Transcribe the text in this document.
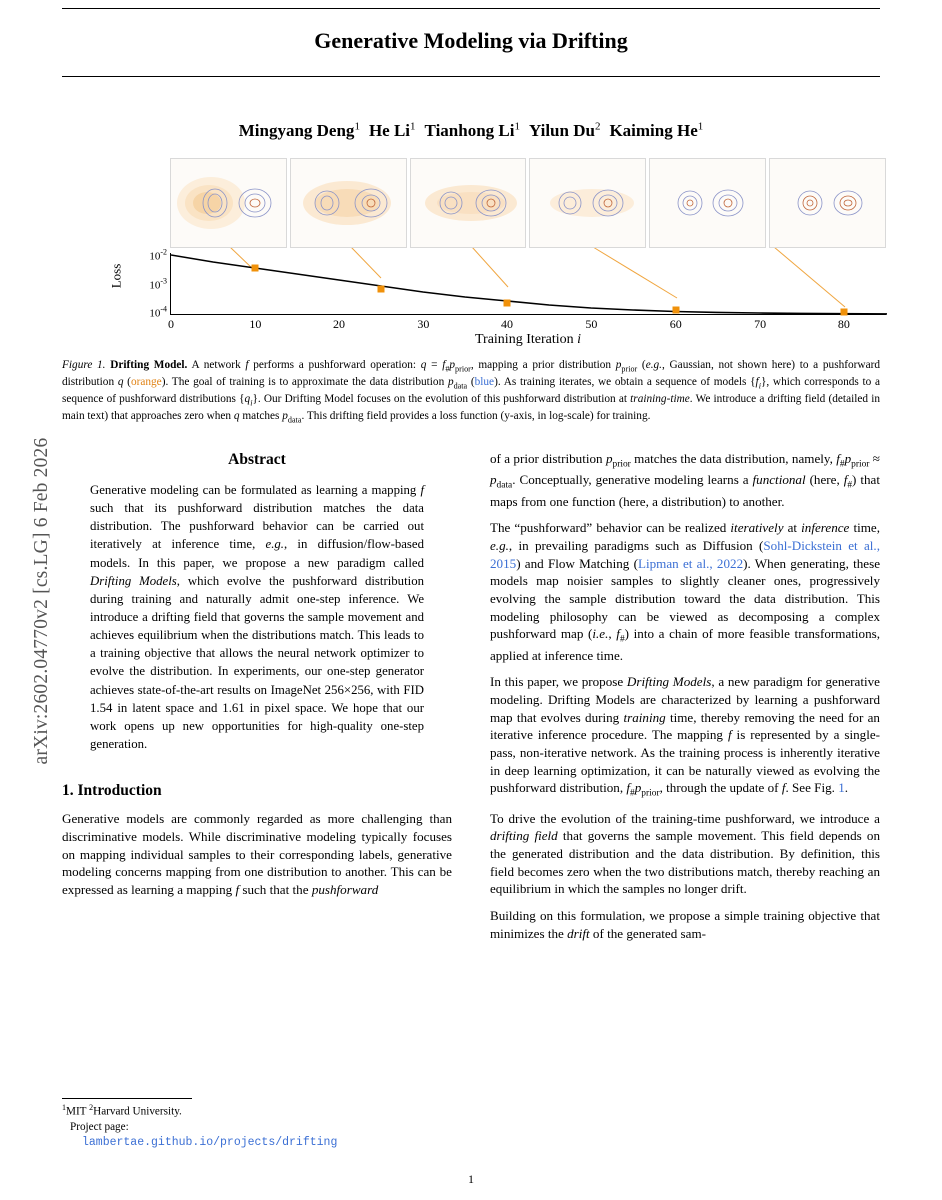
arXiv:2602.04770v2 [cs.LG] 6 Feb 2026
Generative Modeling via Drifting
Mingyang Deng$^1$ He Li$^1$ Tianhong Li$^1$ Yilun Du$^2$ Kaiming He$^1$
Loss
$10^{-2}$
$10^{-3}$
$10^{-4}$
0	10	20	30	40	50	60	70	80
Training Iteration i
Figure 1. Drifting Model. A network f performs a pushforward operation: $q = f_{\#}p_{prior}$, mapping a prior distribution $p_{prior}$ (e.g., Gaussian, not shown here) to a pushforward distribution q (orange). The goal of training is to approximate the data distribution $p_{data}$ (blue). As training iterates, we obtain a sequence of models $\{f_i\}$, which corresponds to a sequence of pushforward distributions $\{q_i\}$. Our Drifting Model focuses on the evolution of this pushforward distribution at training-time. We introduce a drifting field (detailed in main text) that approaches zero when q matches $p_{data}$. This drifting field provides a loss function (y-axis, in log-scale) for training.
Abstract
Generative modeling can be formulated as learning a mapping f such that its pushforward distribution matches the data distribution. The pushforward behavior can be carried out iteratively at inference time, e.g., in diffusion/flow-based models. In this paper, we propose a new paradigm called Drifting Models, which evolve the pushforward distribution during training and naturally admit one-step inference. We introduce a drifting field that governs the sample movement and achieves equilibrium when the distributions match. This leads to a training objective that allows the neural network optimizer to evolve the distribution. In experiments, our one-step generator achieves state-of-the-art results on ImageNet 256×256, with FID 1.54 in latent space and 1.61 in pixel space. We hope that our work opens up new opportunities for high-quality one-step generation.
1. Introduction

Generative models are commonly regarded as more challenging than discriminative models. While discriminative modeling typically focuses on mapping individual samples to their corresponding labels, generative modeling concerns mapping from one distribution to another. This can be expressed as learning a mapping f such that the pushforward

of a prior distribution $p_{prior}$ matches the data distribution, namely, $f_{\#}p_{prior} \approx p_{data}$. Conceptually, generative modeling learns a functional (here, $f_{\#}$) that maps from one function (here, a distribution) to another.

The “pushforward” behavior can be realized iteratively at inference time, e.g., in prevailing paradigms such as Diffusion (Sohl-Dickstein et al., 2015) and Flow Matching (Lipman et al., 2022). When generating, these models map noisier samples to slightly cleaner ones, progressively evolving the sample distribution toward the data distribution. This modeling philosophy can be viewed as decomposing a complex pushforward map (i.e., $f_{\#}$) into a chain of more feasible transformations, applied at inference time.

In this paper, we propose Drifting Models, a new paradigm for generative modeling. Drifting Models are characterized by learning a pushforward map that evolves during training time, thereby removing the need for an iterative inference procedure. The mapping f is represented by a single-pass, non-iterative network. As the training process is inherently iterative in deep learning optimization, it can be naturally viewed as evolving the pushforward distribution, $f_{\#}p_{prior}$, through the update of f. See Fig. 1.

To drive the evolution of the training-time pushforward, we introduce a drifting field that governs the sample movement. This field depends on the generated distribution and the data distribution. By definition, this field becomes zero when the two distributions match, thereby reaching an equilibrium in which the samples no longer drift.

Building on this formulation, we propose a simple training objective that minimizes the drift of the generated sam-

$^1$MIT $^2$Harvard University.
Project page:
lambertae.github.io/projects/drifting
1
